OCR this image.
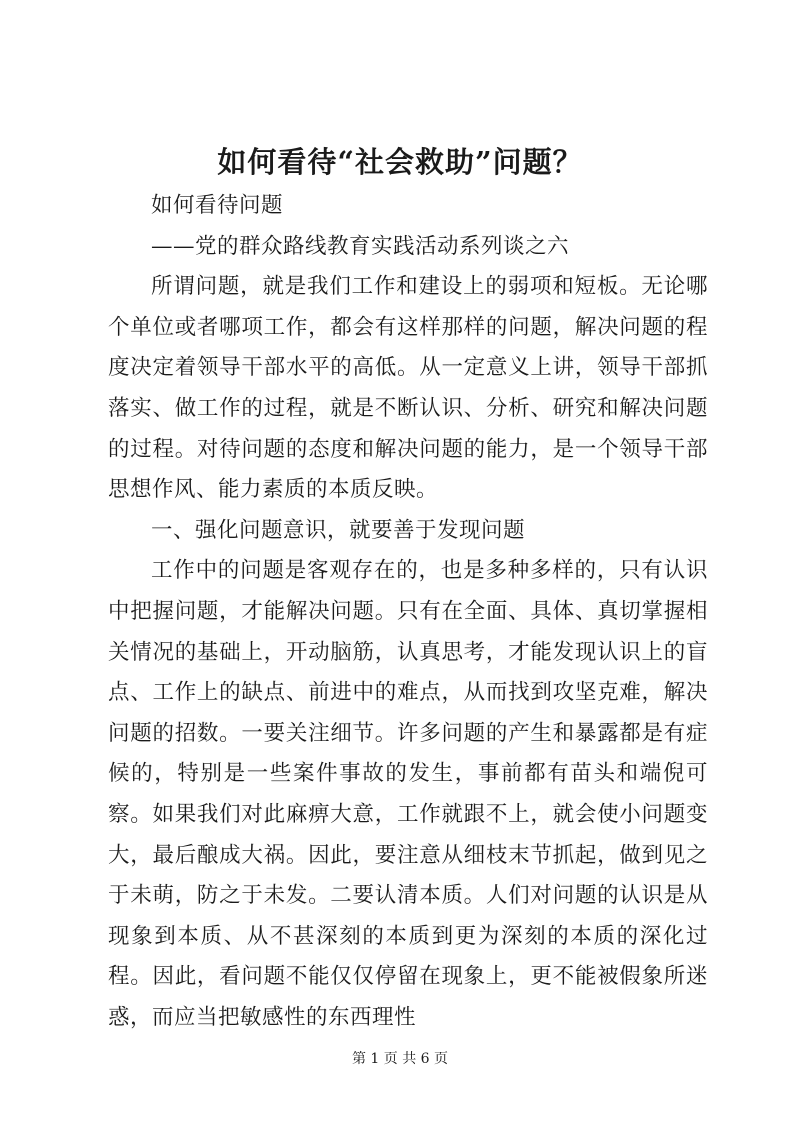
如何看待“社会救助”问题？

如何看待问题

——党的群众路线教育实践活动系列谈之六

所谓问题，就是我们工作和建设上的弱项和短板。无论哪个单位或者哪项工作，都会有这样那样的问题，解决问题的程度决定着领导干部水平的高低。从一定意义上讲，领导干部抓落实、做工作的过程，就是不断认识、分析、研究和解决问题的过程。对待问题的态度和解决问题的能力，是一个领导干部思想作风、能力素质的本质反映。

一、强化问题意识，就要善于发现问题

工作中的问题是客观存在的，也是多种多样的，只有认识中把握问题，才能解决问题。只有在全面、具体、真切掌握相关情况的基础上，开动脑筋，认真思考，才能发现认识上的盲点、工作上的缺点、前进中的难点，从而找到攻坚克难，解决问题的招数。一要关注细节。许多问题的产生和暴露都是有症候的，特别是一些案件事故的发生，事前都有苗头和端倪可察。如果我们对此麻痹大意，工作就跟不上，就会使小问题变大，最后酿成大祸。因此，要注意从细枝末节抓起，做到见之于未萌，防之于未发。二要认清本质。人们对问题的认识是从现象到本质、从不甚深刻的本质到更为深刻的本质的深化过程。因此，看问题不能仅仅停留在现象上，更不能被假象所迷惑，而应当把敏感性的东西理性

第 1 页 共 6 页
